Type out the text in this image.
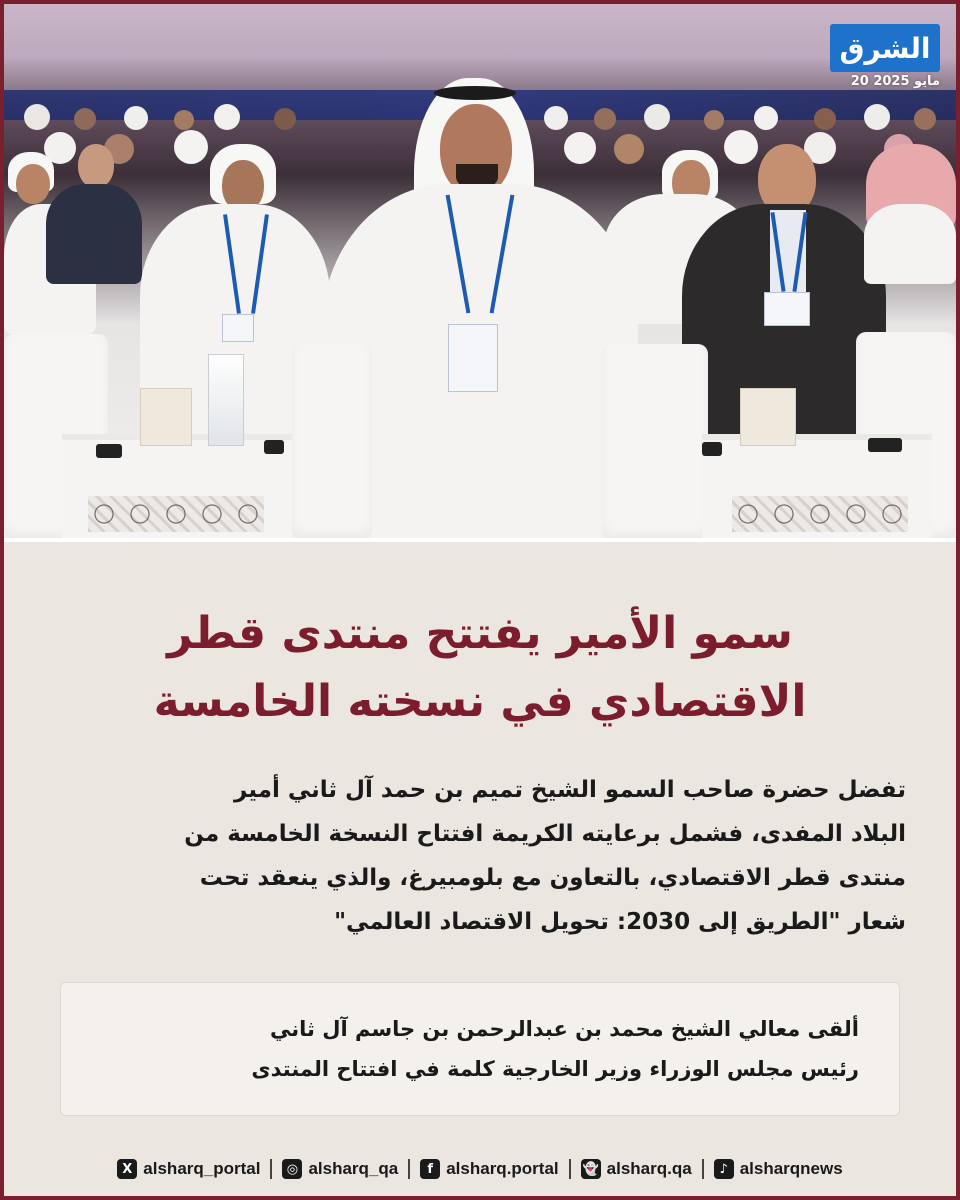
الشرق
20 مايو 2025
سمو الأمير يفتتح منتدى قطر
الاقتصادي في نسخته الخامسة
تفضل حضرة صاحب السمو الشيخ تميم بن حمد آل ثاني أمير
البلاد المفدى، فشمل برعايته الكريمة افتتاح النسخة الخامسة من
منتدى قطر الاقتصادي، بالتعاون مع بلومبيرغ، والذي ينعقد تحت
شعار "الطريق إلى 2030: تحويل الاقتصاد العالمي"
ألقى معالي الشيخ محمد بن عبدالرحمن بن جاسم آل ثاني
رئيس مجلس الوزراء وزير الخارجية كلمة في افتتاح المنتدى
X alsharq_portal	◎ alsharq_qa	f alsharq.portal 👻 alsharq.qa	♪ alsharqnews
